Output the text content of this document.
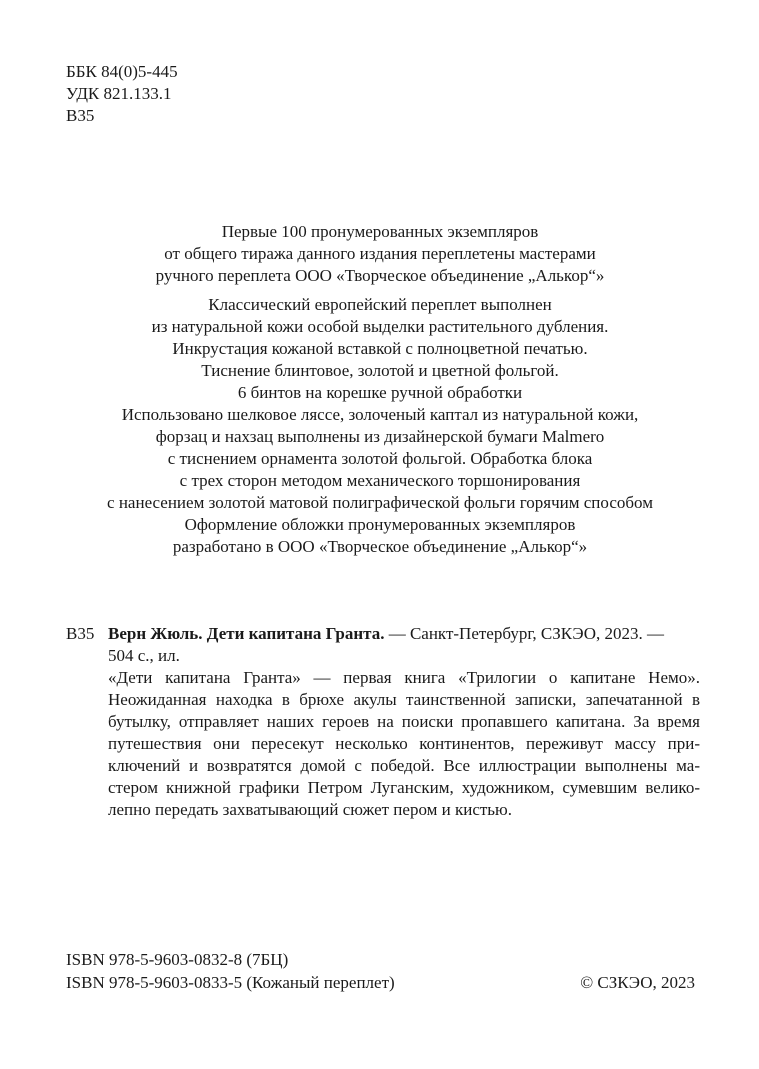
ББК 84(0)5-445
УДК 821.133.1
В35
Первые 100 пронумерованных экземпляров
от общего тиража данного издания переплетены мастерами
ручного переплета ООО «Творческое объединение „Алькор“»
Классический европейский переплет выполнен
из натуральной кожи особой выделки растительного дубления.
Инкрустация кожаной вставкой с полноцветной печатью.
Тиснение блинтовое, золотой и цветной фольгой.
6 бинтов на корешке ручной обработки
Использовано шелковое ляссе, золоченый каптал из натуральной кожи,
форзац и нахзац выполнены из дизайнерской бумаги Malmero
с тиснением орнамента золотой фольгой. Обработка блока
с трех сторон методом механического торшонирования
с нанесением золотой матовой полиграфической фольги горячим способом
Оформление обложки пронумерованных экземпляров
разработано в ООО «Творческое объединение „Алькор“»
В35 Верн Жюль. Дети капитана Гранта. — Санкт-Петербург, СЗКЭО, 2023. —
504 с., ил.
«Дети капитана Гранта» — первая книга «Трилогии о капитане Немо».
Неожиданная находка в брюхе акулы таинственной записки, запечатанной в
бутылку, отправляет наших героев на поиски пропавшего капитана. За время
путешествия они пересекут несколько континентов, переживут массу при-
ключений и возвратятся домой с победой. Все иллюстрации выполнены ма-
стером книжной графики Петром Луганским, художником, сумевшим велико-
лепно передать захватывающий сюжет пером и кистью.
ISBN 978-5-9603-0832-8 (7БЦ)
ISBN 978-5-9603-0833-5 (Кожаный переплет)	© СЗКЭО, 2023
